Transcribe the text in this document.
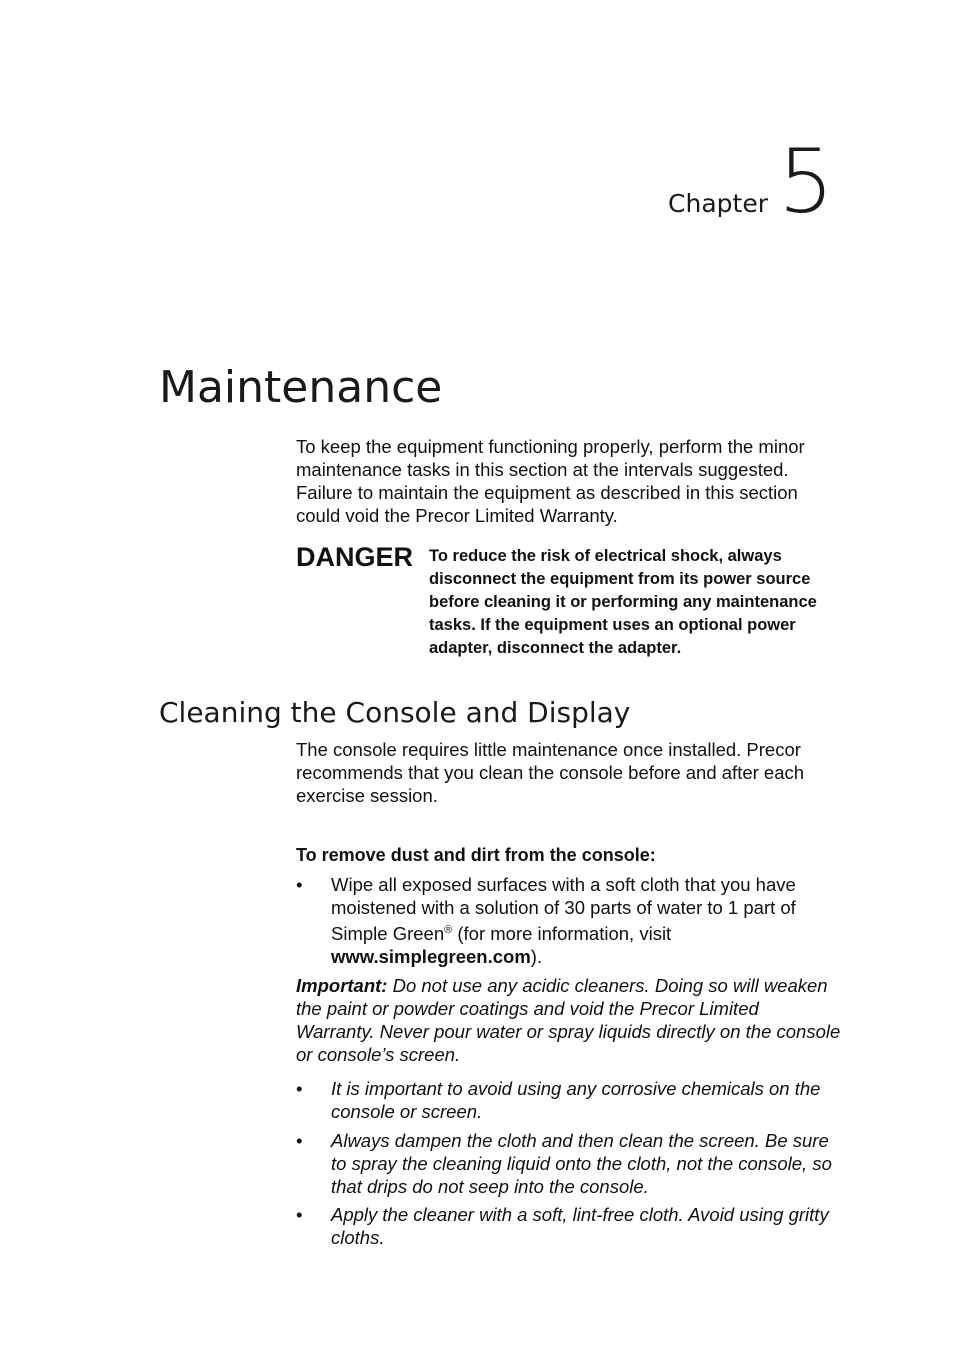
Chapter 5
Maintenance

To keep the equipment functioning properly, perform the minor maintenance tasks in this section at the intervals suggested. Failure to maintain the equipment as described in this section could void the Precor Limited Warranty.

DANGER To reduce the risk of electrical shock, always disconnect the equipment from its power source before cleaning it or performing any maintenance tasks. If the equipment uses an optional power adapter, disconnect the adapter.
Cleaning the Console and Display

The console requires little maintenance once installed. Precor recommends that you clean the console before and after each exercise session.

To remove dust and dirt from the console:

• Wipe all exposed surfaces with a soft cloth that you have moistened with a solution of 30 parts of water to 1 part of Simple Green® (for more information, visit www.simplegreen.com).

Important: Do not use any acidic cleaners. Doing so will weaken the paint or powder coatings and void the Precor Limited Warranty. Never pour water or spray liquids directly on the console or console’s screen.

• It is important to avoid using any corrosive chemicals on the console or screen.
• Always dampen the cloth and then clean the screen. Be sure to spray the cleaning liquid onto the cloth, not the console, so that drips do not seep into the console.
• Apply the cleaner with a soft, lint-free cloth. Avoid using gritty cloths.
